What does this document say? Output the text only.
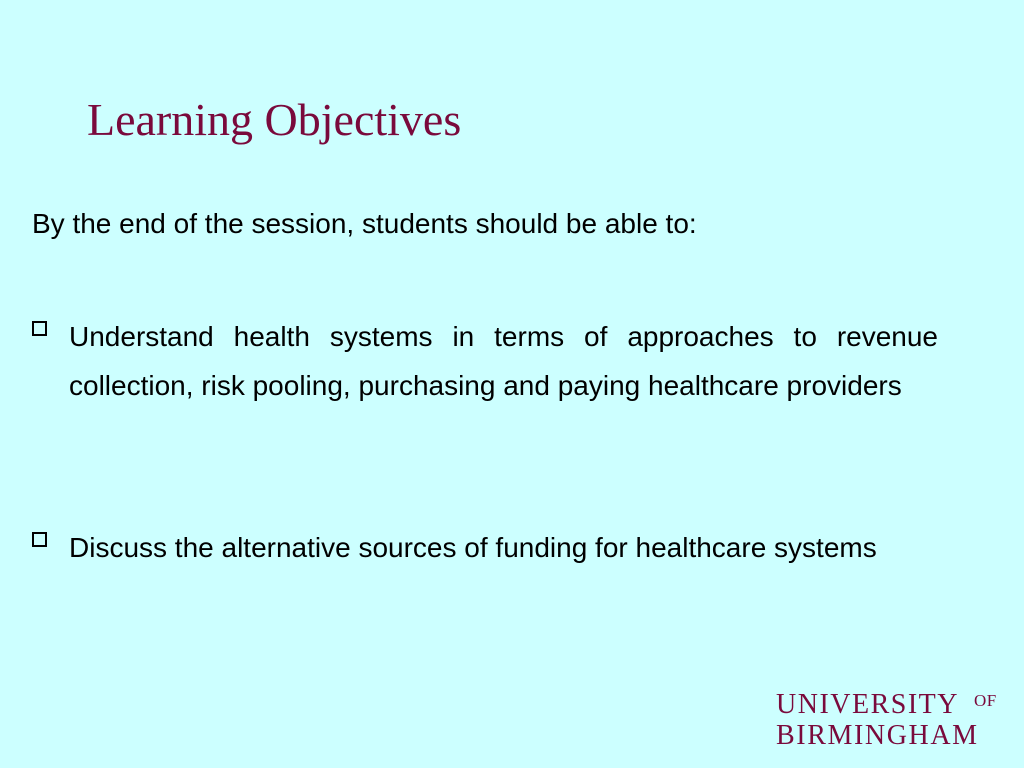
Learning Objectives

By the end of the session, students should be able to:

Understand health systems in terms of approaches to revenue collection, risk pooling, purchasing and paying healthcare providers

Discuss the alternative sources of funding for healthcare systems

UNIVERSITY OF
BIRMINGHAM
